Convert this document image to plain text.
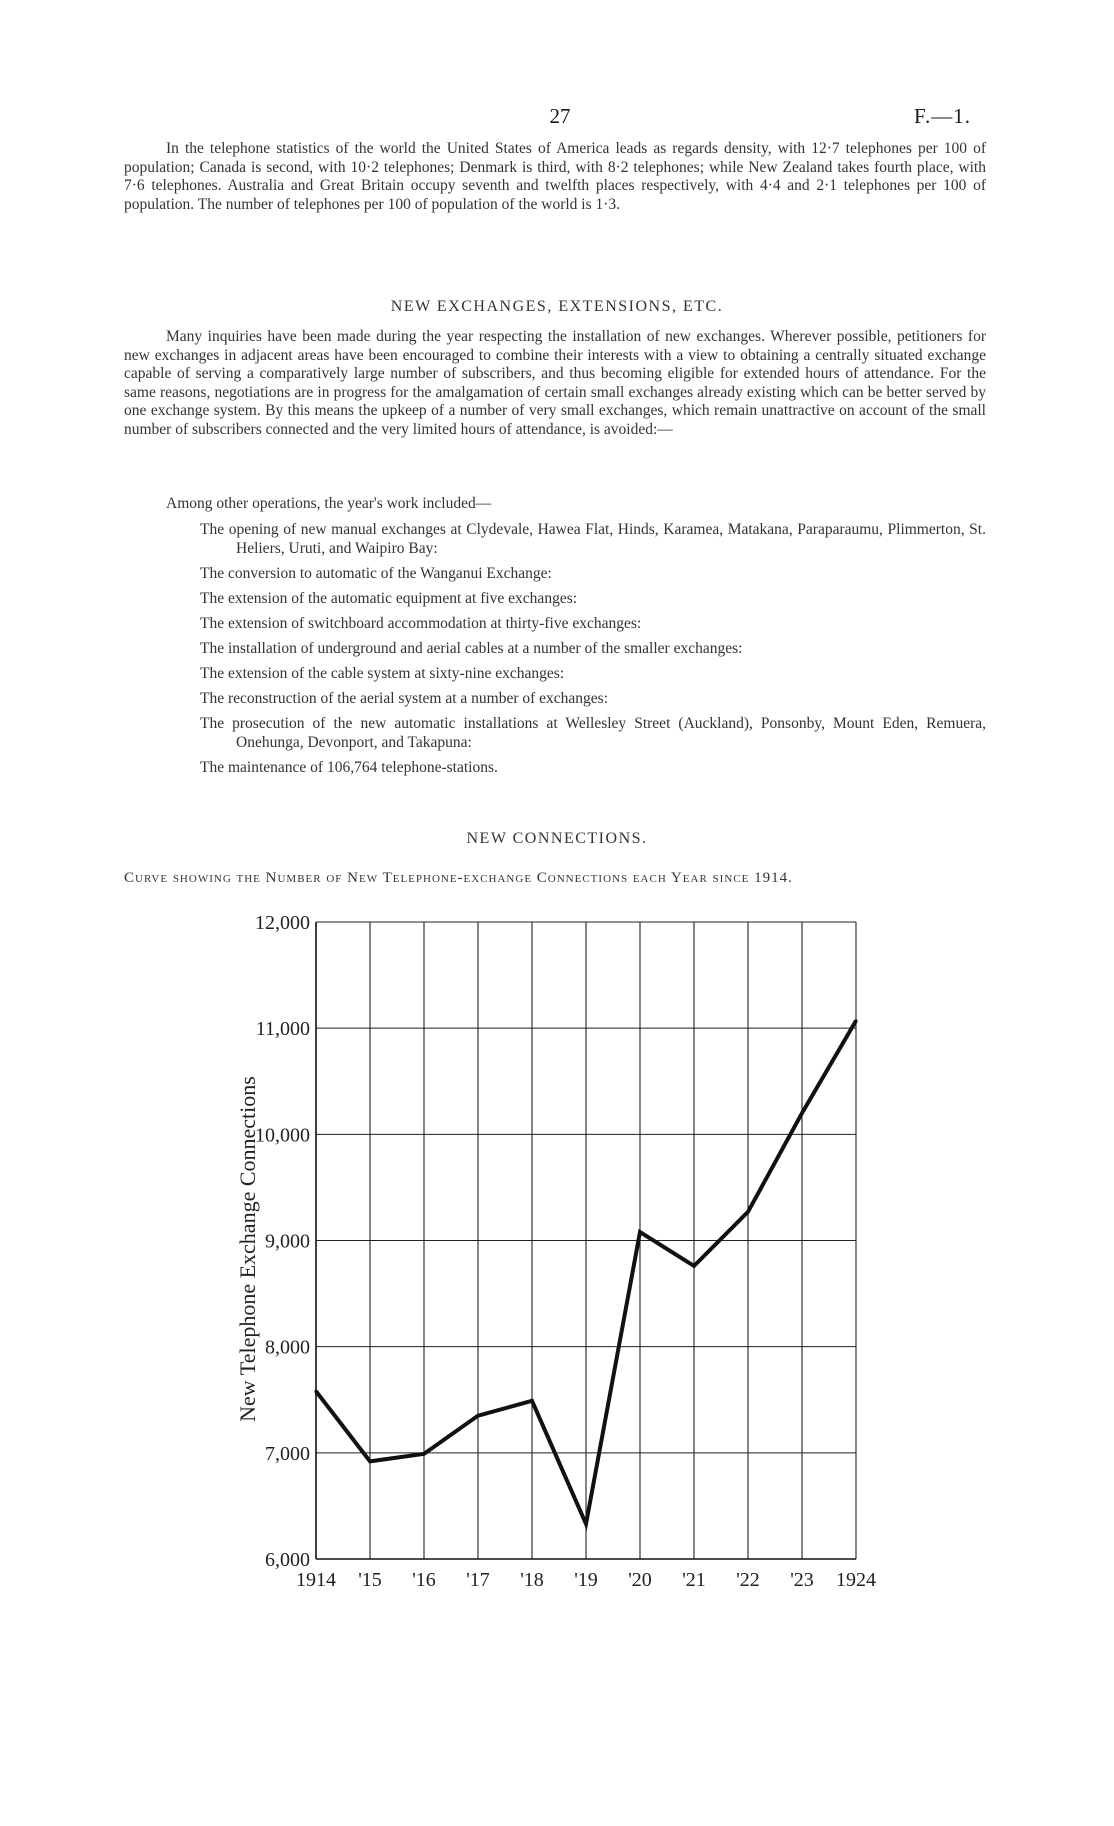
27	F.—1.

In the telephone statistics of the world the United States of America leads as regards density, with 12·7 telephones per 100 of population; Canada is second, with 10·2 telephones; Denmark is third, with 8·2 telephones; while New Zealand takes fourth place, with 7·6 telephones. Australia and Great Britain occupy seventh and twelfth places respectively, with 4·4 and 2·1 telephones per 100 of population. The number of telephones per 100 of population of the world is 1·3.

NEW EXCHANGES, EXTENSIONS, ETC.

Many inquiries have been made during the year respecting the installation of new exchanges. Wherever possible, petitioners for new exchanges in adjacent areas have been encouraged to combine their interests with a view to obtaining a centrally situated exchange capable of serving a comparatively large number of subscribers, and thus becoming eligible for extended hours of attendance. For the same reasons, negotiations are in progress for the amalgamation of certain small exchanges already existing which can be better served by one exchange system. By this means the upkeep of a number of very small exchanges, which remain unattractive on account of the small number of subscribers connected and the very limited hours of attendance, is avoided:—

Among other operations, the year's work included—
The opening of new manual exchanges at Clydevale, Hawea Flat, Hinds, Karamea, Matakana, Paraparaumu, Plimmerton, St. Heliers, Uruti, and Waipiro Bay:
The conversion to automatic of the Wanganui Exchange:
The extension of the automatic equipment at five exchanges:
The extension of switchboard accommodation at thirty-five exchanges:
The installation of underground and aerial cables at a number of the smaller exchanges:
The extension of the cable system at sixty-nine exchanges:
The reconstruction of the aerial system at a number of exchanges:
The prosecution of the new automatic installations at Wellesley Street (Auckland), Ponsonby, Mount Eden, Remuera, Onehunga, Devonport, and Takapuna:
The maintenance of 106,764 telephone-stations.
NEW CONNECTIONS.
Curve showing the Number of New Telephone-exchange Connections each Year since 1914.
6,000
7,000
8,000
9,000
10,000
11,000
12,000
1914 '15 '16 '17 '18 '19 '20 '21 '22 '23 1924
New Telephone Exchange Connections
